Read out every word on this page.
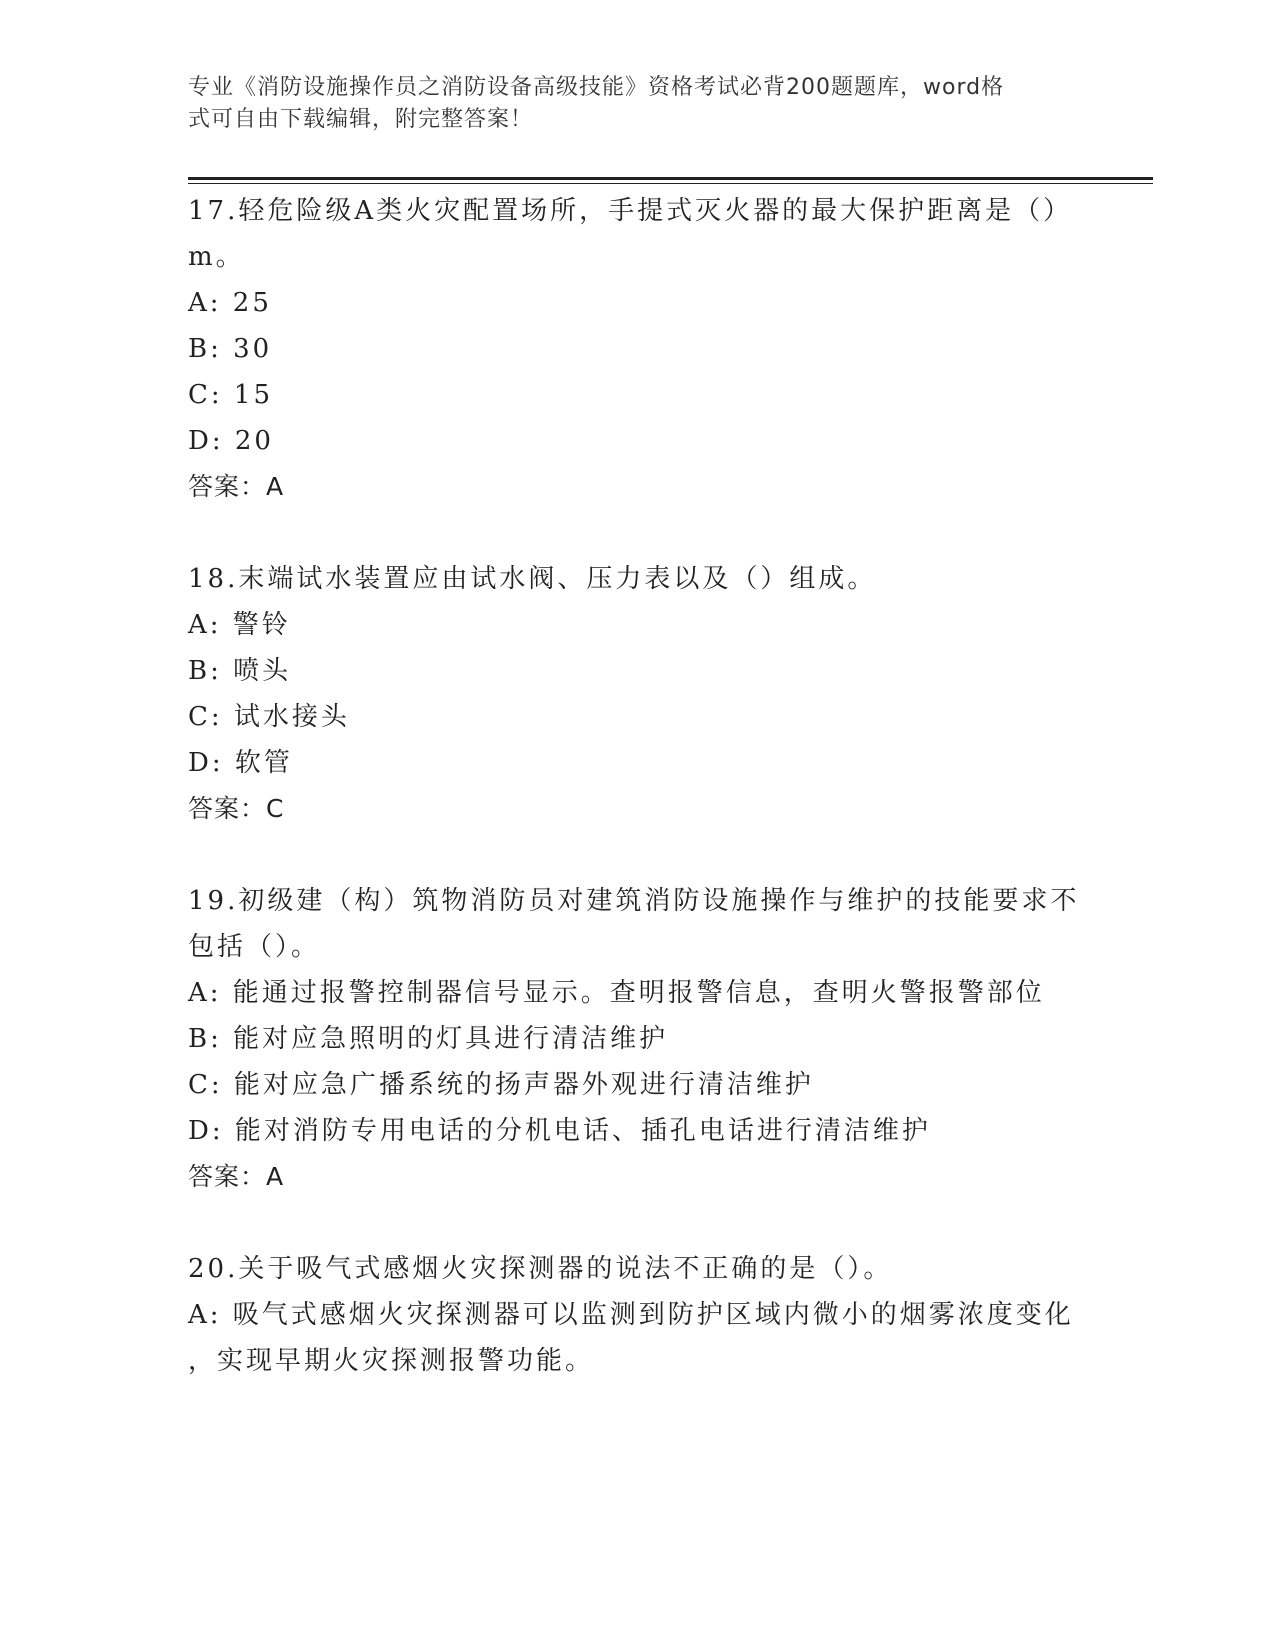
专业《消防设施操作员之消防设备高级技能》资格考试必背200题题库，word格
式可自由下载编辑，附完整答案！
17.轻危险级A类火灾配置场所，手提式灭火器的最大保护距离是（）
m。
A: 25
B: 30
C: 15
D: 20
答案：A
18.末端试水装置应由试水阀、压力表以及（）组成。
A: 警铃
B: 喷头
C: 试水接头
D: 软管
答案：C
19.初级建（构）筑物消防员对建筑消防设施操作与维护的技能要求不
包括（）。
A: 能通过报警控制器信号显示。查明报警信息，查明火警报警部位
B: 能对应急照明的灯具进行清洁维护
C: 能对应急广播系统的扬声器外观进行清洁维护
D: 能对消防专用电话的分机电话、插孔电话进行清洁维护
答案：A
20.关于吸气式感烟火灾探测器的说法不正确的是（）。
A: 吸气式感烟火灾探测器可以监测到防护区域内微小的烟雾浓度变化
，实现早期火灾探测报警功能。
